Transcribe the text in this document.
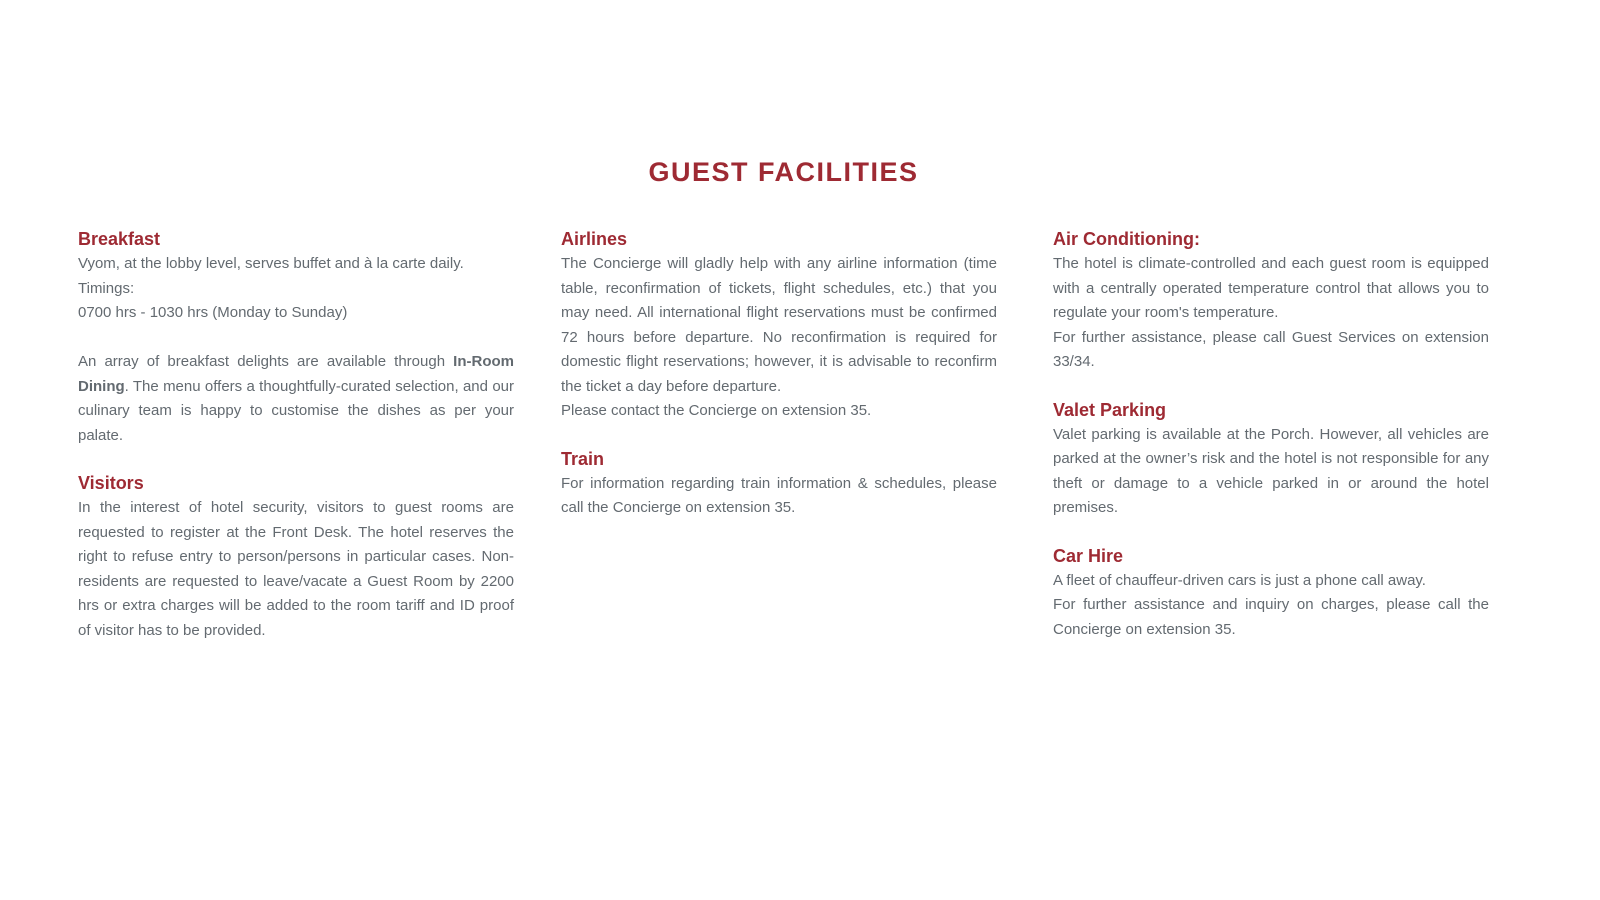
GUEST FACILITIES
Breakfast

Vyom, at the lobby level, serves buffet and à la carte daily.

Timings:

0700 hrs - 1030 hrs (Monday to Sunday)

An array of breakfast delights are available through In-Room Dining. The menu offers a thoughtfully-curated selection, and our culinary team is happy to customise the dishes as per your palate.

Visitors

In the interest of hotel security, visitors to guest rooms are requested to register at the Front Desk. The hotel reserves the right to refuse entry to person/persons in particular cases. Non-residents are requested to leave/vacate a Guest Room by 2200 hrs or extra charges will be added to the room tariff and ID proof of visitor has to be provided.

Airlines

The Concierge will gladly help with any airline information (time table, reconfirmation of tickets, flight schedules, etc.) that you may need. All international flight reservations must be confirmed 72 hours before departure. No reconfirmation is required for domestic flight reservations; however, it is advisable to reconfirm the ticket a day before departure.

Please contact the Concierge on extension 35.

Train

For information regarding train information & schedules, please call the Concierge on extension 35.

Air Conditioning:

The hotel is climate-controlled and each guest room is equipped with a centrally operated temperature control that allows you to regulate your room's temperature.

For further assistance, please call Guest Services on extension 33/34.

Valet Parking

Valet parking is available at the Porch. However, all vehicles are parked at the owner’s risk and the hotel is not responsible for any theft or damage to a vehicle parked in or around the hotel premises.

Car Hire

A fleet of chauffeur-driven cars is just a phone call away.

For further assistance and inquiry on charges, please call the Concierge on extension 35.
